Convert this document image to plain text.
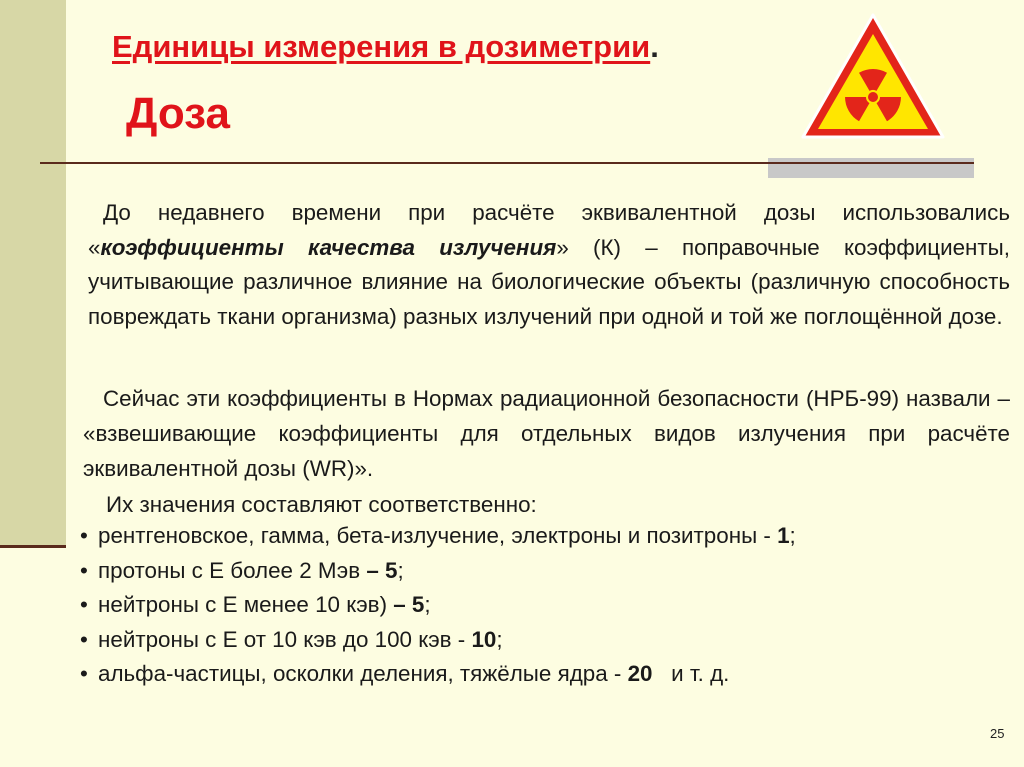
Единицы измерения в дозиметрии.
Доза

До недавнего времени при расчёте эквивалентной дозы использовались «коэффициенты качества излучения» (К) – поправочные коэффициенты, учитывающие различное влияние на биологические объекты (различную способность повреждать ткани организма) разных излучений при одной и той же поглощённой дозе.

Сейчас эти коэффициенты в Нормах радиационной безопасности (НРБ-99) назвали – «взвешивающие коэффициенты для отдельных видов излучения при расчёте эквивалентной дозы (WR)».

Их значения составляют соответственно:
• рентгеновское, гамма, бета-излучение, электроны и позитроны - 1;
• протоны с E более 2 Мэв – 5;
• нейтроны с E менее 10 кэв) – 5;
• нейтроны с E от 10 кэв до 100 кэв - 10;
• альфа-частицы, осколки деления, тяжёлые ядра - 20   и т. д.
25
